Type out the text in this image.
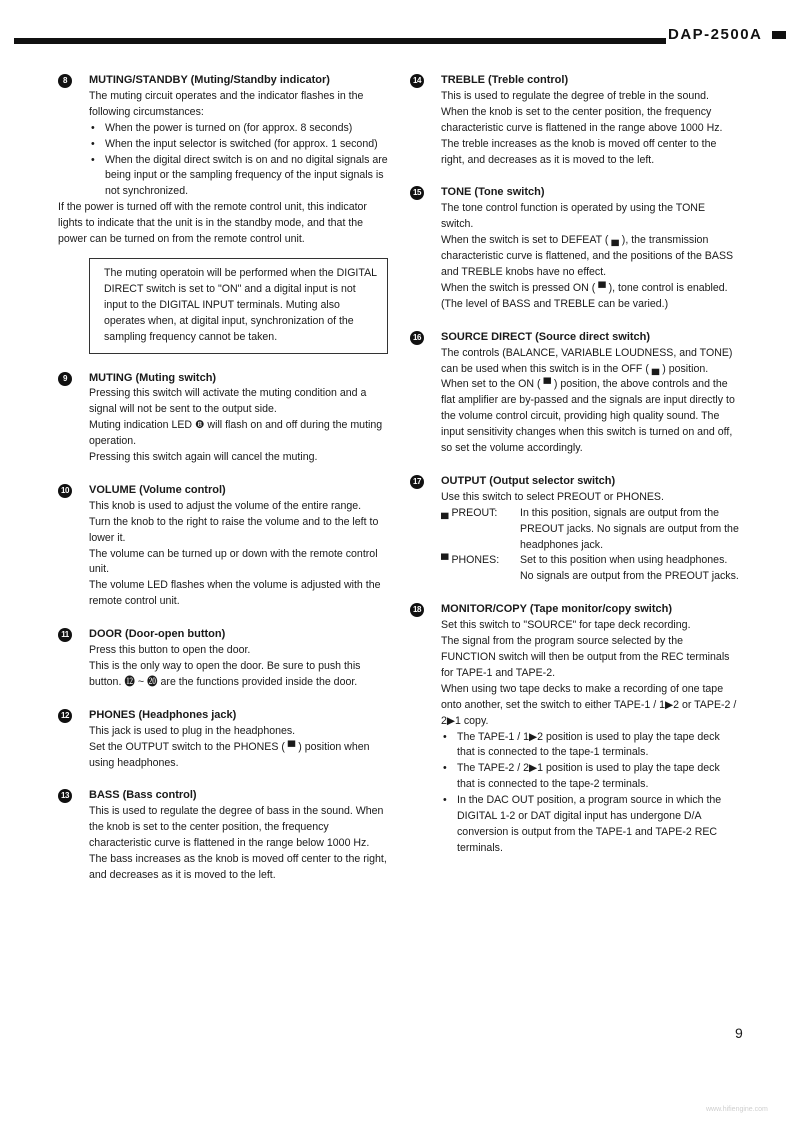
DAP-2500A
8	MUTING/STANDBY (Muting/Standby indicator)
The muting circuit operates and the indicator flashes in the following circumstances:
• When the power is turned on (for approx. 8 seconds)
• When the input selector is switched (for approx. 1 second)
• When the digital direct switch is on and no digital signals are being input or the sampling frequency of the input signals is not synchronized.
If the power is turned off with the remote control unit, this indicator lights to indicate that the unit is in the standby mode, and that the power can be turned on from the remote control unit.
The muting operatoin will be performed when the DIGITAL DIRECT switch is set to "ON" and a digital input is not input to the DIGITAL INPUT terminals. Muting also operates when, at digital input, synchronization of the sampling frequency cannot be taken.
9	MUTING (Muting switch)
Pressing this switch will activate the muting condition and a signal will not be sent to the output side.
Muting indication LED ❽ will flash on and off during the muting operation.
Pressing this switch again will cancel the muting.
10 VOLUME (Volume control)
This knob is used to adjust the volume of the entire range.
Turn the knob to the right to raise the volume and to the left to lower it.
The volume can be turned up or down with the remote control unit.
The volume LED flashes when the volume is adjusted with the remote control unit.
11 DOOR (Door-open button)
Press this button to open the door.
This is the only way to open the door. Be sure to push this button. ⓬ ~ ⓴ are the functions provided inside the door.
12 PHONES (Headphones jack)
This jack is used to plug in the headphones.
Set the OUTPUT switch to the PHONES ( ▀ ) position when using headphones.
13 BASS (Bass control)
This is used to regulate the degree of bass in the sound. When the knob is set to the center position, the frequency characteristic curve is flattened in the range below 1000 Hz. The bass increases as the knob is moved off center to the right, and decreases as it is moved to the left.
14 TREBLE (Treble control)
This is used to regulate the degree of treble in the sound.
When the knob is set to the center position, the frequency characteristic curve is flattened in the range above 1000 Hz. The treble increases as the knob is moved off center to the right, and decreases as it is moved to the left.
15 TONE (Tone switch)
The tone control function is operated by using the TONE switch.
When the switch is set to DEFEAT ( ▄ ), the transmission characteristic curve is flattened, and the positions of the BASS and TREBLE knobs have no effect.
When the switch is pressed ON ( ▀ ), tone control is enabled.
(The level of BASS and TREBLE can be varied.)
16 SOURCE DIRECT (Source direct switch)
The controls (BALANCE, VARIABLE LOUDNESS, and TONE) can be used when this switch is in the OFF ( ▄ ) position.
When set to the ON ( ▀ ) position, the above controls and the flat amplifier are by-passed and the signals are input directly to the volume control circuit, providing high quality sound. The input sensitivity changes when this switch is turned on and off, so set the volume accordingly.
17 OUTPUT (Output selector switch)
Use this switch to select PREOUT or PHONES.
▄ PREOUT:	In this position, signals are output from the PREOUT jacks. No signals are output from the headphones jack.
▀ PHONES:	Set to this position when using headphones. No signals are output from the PREOUT jacks.
18 MONITOR/COPY (Tape monitor/copy switch)
Set this switch to "SOURCE" for tape deck recording.
The signal from the program source selected by the FUNCTION switch will then be output from the REC terminals for TAPE-1 and TAPE-2.
When using two tape decks to make a recording of one tape onto another, set the switch to either TAPE-1 / 1▶2 or TAPE-2 / 2▶1 copy.
• The TAPE-1 / 1▶2 position is used to play the tape deck that is connected to the tape-1 terminals.
• The TAPE-2 / 2▶1 position is used to play the tape deck that is connected to the tape-2 terminals.
• In the DAC OUT position, a program source in which the DIGITAL 1-2 or DAT digital input has undergone D/A conversion is output from the TAPE-1 and TAPE-2 REC terminals.
9
www.hifiengine.com
